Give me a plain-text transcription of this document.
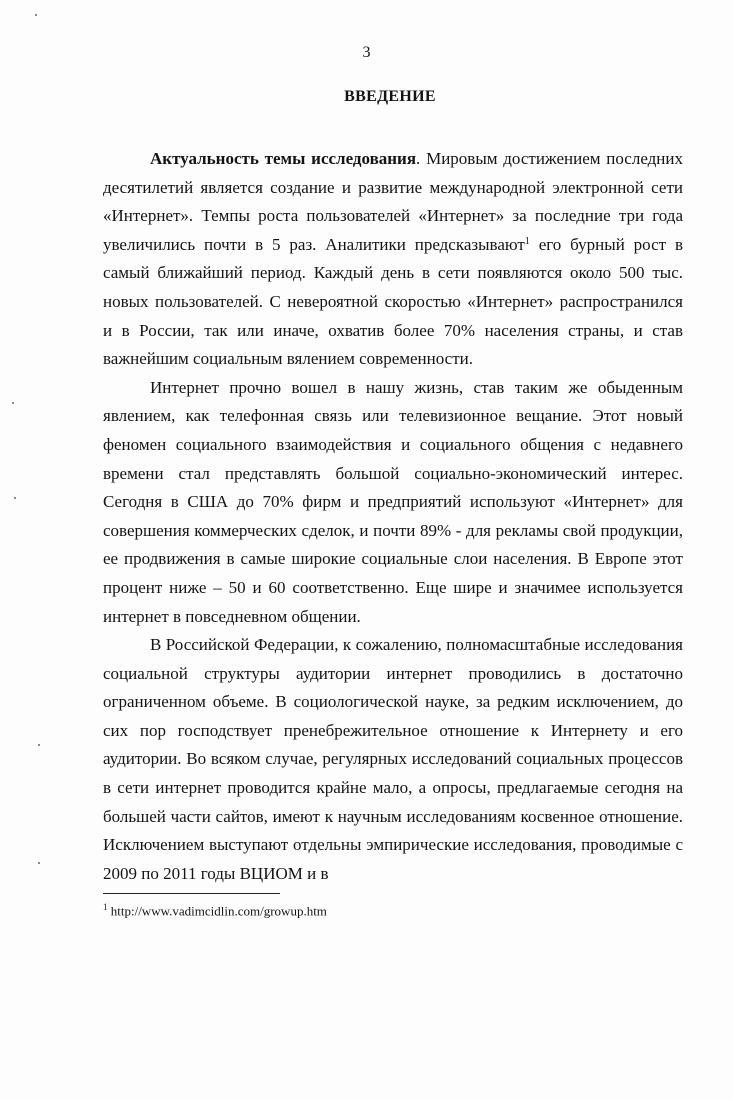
3
ВВЕДЕНИЕ

Актуальность темы исследования. Мировым достижением последних десятилетий является создание и развитие международной электронной сети «Интернет». Темпы роста пользователей «Интернет» за последние три года увеличились почти в 5 раз. Аналитики предсказывают$^1$ его бурный рост в самый ближайший период. Каждый день в сети появляются около 500 тыс. новых пользователей. С невероятной скоростью «Интернет» распространился и в России, так или иначе, охватив более 70% населения страны, и став важнейшим социальным вялением современности.

Интернет прочно вошел в нашу жизнь, став таким же обыденным явлением, как телефонная связь или телевизионное вещание. Этот новый феномен социального взаимодействия и социального общения с недавнего времени стал представлять большой социально-экономический интерес. Сегодня в США до 70% фирм и предприятий используют «Интернет» для совершения коммерческих сделок, и почти 89% - для рекламы свой продукции, ее продвижения в самые широкие социальные слои населения. В Европе этот процент ниже – 50 и 60 соответственно. Еще шире и значимее используется интернет в повседневном общении.

В Российской Федерации, к сожалению, полномасштабные исследования социальной структуры аудитории интернет проводились в достаточно ограниченном объеме. В социологической науке, за редким исключением, до сих пор господствует пренебрежительное отношение к Интернету и его аудитории. Во всяком случае, регулярных исследований социальных процессов в сети интернет проводится крайне мало, а опросы, предлагаемые сегодня на большей части сайтов, имеют к научным исследованиям косвенное отношение. Исключением выступают отдельны эмпирические исследования, проводимые с 2009 по 2011 годы ВЦИОМ и в

$^1$ http://www.vadimcidlin.com/growup.htm
